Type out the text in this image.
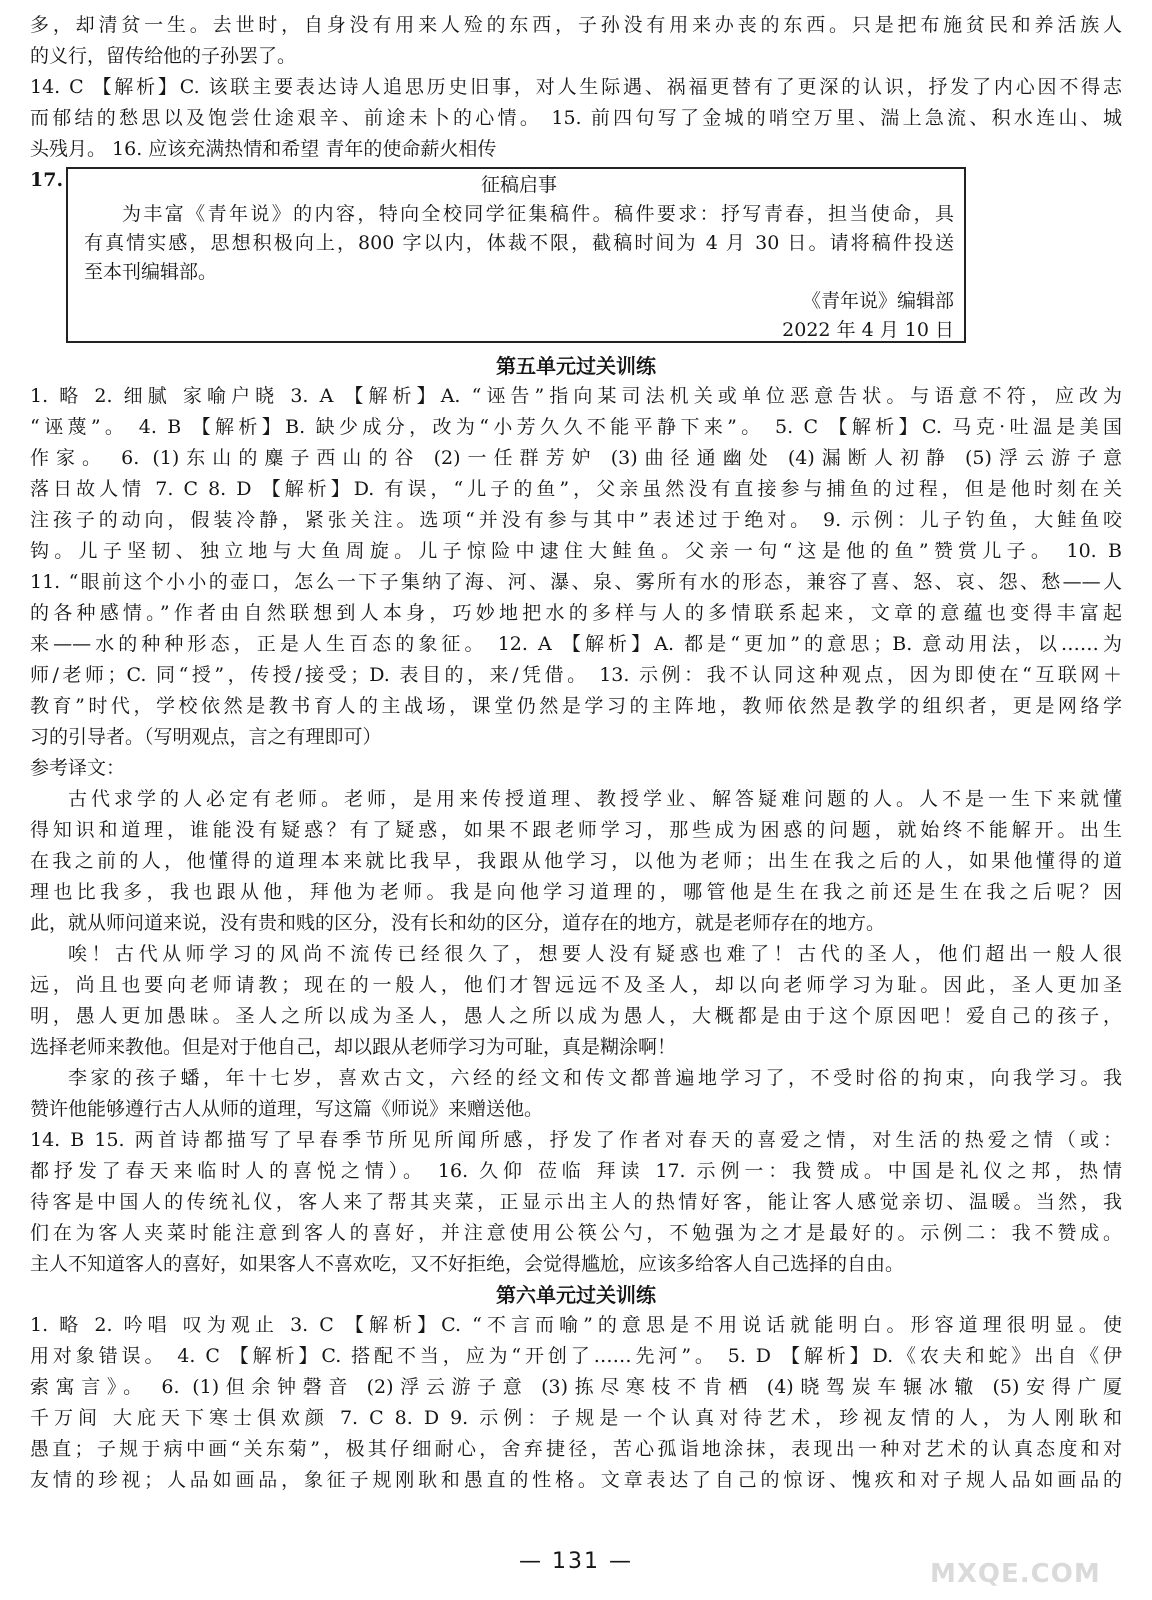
多，却清贫一生。去世时，自身没有用来人殓的东西，子孙没有用来办丧的东西。只是把布施贫民和养活族人
的义行，留传给他的子孙罢了。
14. C 【解析】C. 该联主要表达诗人追思历史旧事，对人生际遇、祸福更替有了更深的认识，抒发了内心因不得志
而郁结的愁思以及饱尝仕途艰辛、前途未卜的心情。 15. 前四句写了金城的哨空万里、湍上急流、积水连山、城
头残月。 16. 应该充满热情和希望 青年的使命薪火相传
17.	征稿启事
为丰富《青年说》的内容，特向全校同学征集稿件。稿件要求：抒写青春，担当使命，具
有真情实感，思想积极向上，800 字以内，体裁不限，截稿时间为 4 月 30 日。请将稿件投送
至本刊编辑部。
《青年说》编辑部
2022 年 4 月 10 日
第五单元过关训练
1. 略 2. 细腻 家喻户晓 3. A 【解析】A. “诬告”指向某司法机关或单位恶意告状。与语意不符，应改为
“诬蔑”。 4. B 【解析】B. 缺少成分，改为“小芳久久不能平静下来”。 5. C 【解析】C. 马克·吐温是美国
作家。 6. (1)东山的麋子西山的谷 (2)一任群芳妒 (3)曲径通幽处 (4)漏断人初静 (5)浮云游子意
落日故人情 7. C 8. D 【解析】D. 有误，“儿子的鱼”，父亲虽然没有直接参与捕鱼的过程，但是他时刻在关
注孩子的动向，假装冷静，紧张关注。选项“并没有参与其中”表述过于绝对。 9. 示例：儿子钓鱼，大鲑鱼咬
钩。儿子坚韧、独立地与大鱼周旋。儿子惊险中逮住大鲑鱼。父亲一句“这是他的鱼”赞赏儿子。 10. B
11. “眼前这个小小的壶口，怎么一下子集纳了海、河、瀑、泉、雾所有水的形态，兼容了喜、怒、哀、怨、愁——人
的各种感情。”作者由自然联想到人本身，巧妙地把水的多样与人的多情联系起来，文章的意蕴也变得丰富起
来——水的种种形态，正是人生百态的象征。 12. A 【解析】A. 都是“更加”的意思；B. 意动用法，以……为
师/老师；C. 同“授”，传授/接受；D. 表目的，来/凭借。 13. 示例：我不认同这种观点，因为即使在“互联网＋
教育”时代，学校依然是教书育人的主战场，课堂仍然是学习的主阵地，教师依然是教学的组织者，更是网络学
习的引导者。（写明观点，言之有理即可）
参考译文：
古代求学的人必定有老师。老师，是用来传授道理、教授学业、解答疑难问题的人。人不是一生下来就懂
得知识和道理，谁能没有疑惑？有了疑惑，如果不跟老师学习，那些成为困惑的问题，就始终不能解开。出生
在我之前的人，他懂得的道理本来就比我早，我跟从他学习，以他为老师；出生在我之后的人，如果他懂得的道
理也比我多，我也跟从他，拜他为老师。我是向他学习道理的，哪管他是生在我之前还是生在我之后呢？因
此，就从师问道来说，没有贵和贱的区分，没有长和幼的区分，道存在的地方，就是老师存在的地方。
唉！古代从师学习的风尚不流传已经很久了，想要人没有疑惑也难了！古代的圣人，他们超出一般人很
远，尚且也要向老师请教；现在的一般人，他们才智远远不及圣人，却以向老师学习为耻。因此，圣人更加圣
明，愚人更加愚昧。圣人之所以成为圣人，愚人之所以成为愚人，大概都是由于这个原因吧！爱自己的孩子，
选择老师来教他。但是对于他自己，却以跟从老师学习为可耻，真是糊涂啊！
李家的孩子蟠，年十七岁，喜欢古文，六经的经文和传文都普遍地学习了，不受时俗的拘束，向我学习。我
赞许他能够遵行古人从师的道理，写这篇《师说》来赠送他。
14. B 15. 两首诗都描写了早春季节所见所闻所感，抒发了作者对春天的喜爱之情，对生活的热爱之情（或：
都抒发了春天来临时人的喜悦之情）。 16. 久仰 莅临 拜读 17. 示例一：我赞成。中国是礼仪之邦，热情
待客是中国人的传统礼仪，客人来了帮其夹菜，正显示出主人的热情好客，能让客人感觉亲切、温暖。当然，我
们在为客人夹菜时能注意到客人的喜好，并注意使用公筷公勺，不勉强为之才是最好的。示例二：我不赞成。
主人不知道客人的喜好，如果客人不喜欢吃，又不好拒绝，会觉得尴尬，应该多给客人自己选择的自由。
第六单元过关训练
1. 略 2. 吟唱 叹为观止 3. C 【解析】C. “不言而喻”的意思是不用说话就能明白。形容道理很明显。使
用对象错误。 4. C 【解析】C. 搭配不当，应为“开创了……先河”。 5. D 【解析】D.《农夫和蛇》出自《伊
索寓言》。 6. (1)但余钟磬音 (2)浮云游子意 (3)拣尽寒枝不肯栖 (4)晓驾炭车辗冰辙 (5)安得广厦
千万间 大庇天下寒士俱欢颜 7. C 8. D 9. 示例：子规是一个认真对待艺术，珍视友情的人，为人刚耿和
愚直；子规于病中画“关东菊”，极其仔细耐心，舍弃捷径，苦心孤诣地涂抹，表现出一种对艺术的认真态度和对
友情的珍视；人品如画品，象征子规刚耿和愚直的性格。文章表达了自己的惊讶、愧疚和对子规人品如画品的
— 131 —	MXQE.COM
